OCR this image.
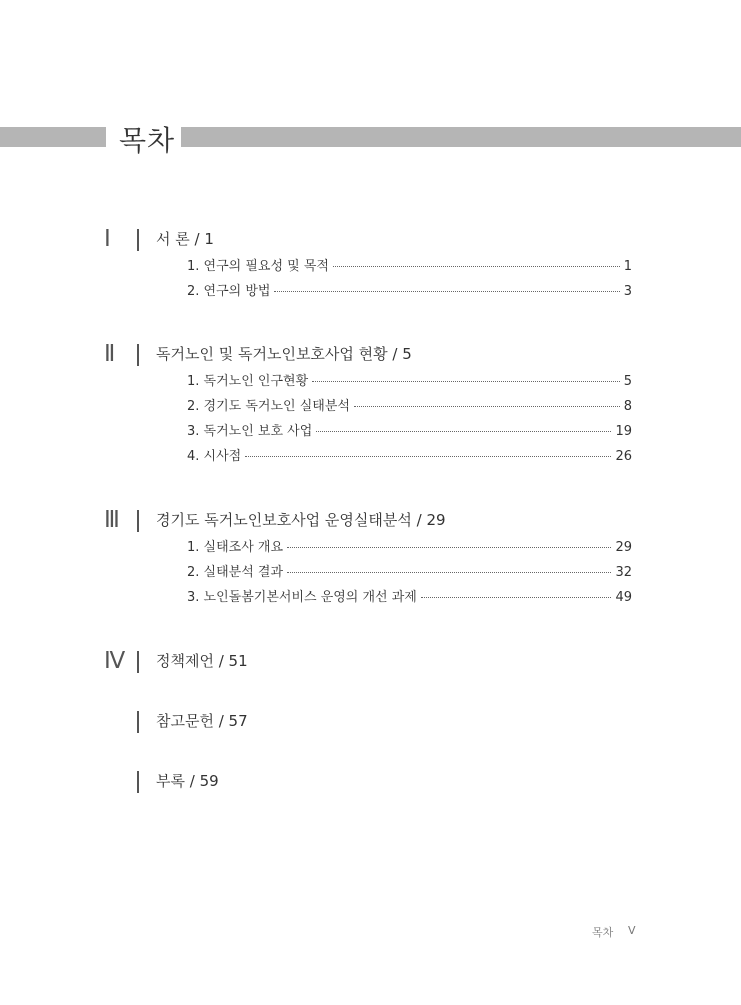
목차
Ⅰ	서 론 / 1
1. 연구의 필요성 및 목적	1
2. 연구의 방법	3
Ⅱ	독거노인 및 독거노인보호사업 현황 / 5
1. 독거노인 인구현황	5
2. 경기도 독거노인 실태분석	8
3. 독거노인 보호 사업	19
4. 시사점	26
Ⅲ	경기도 독거노인보호사업 운영실태분석 / 29
1. 실태조사 개요	29
2. 실태분석 결과	32
3. 노인돌봄기본서비스 운영의 개선 과제	49
Ⅳ	정책제언 / 51
참고문헌 / 57
부록 / 59
목차 V
